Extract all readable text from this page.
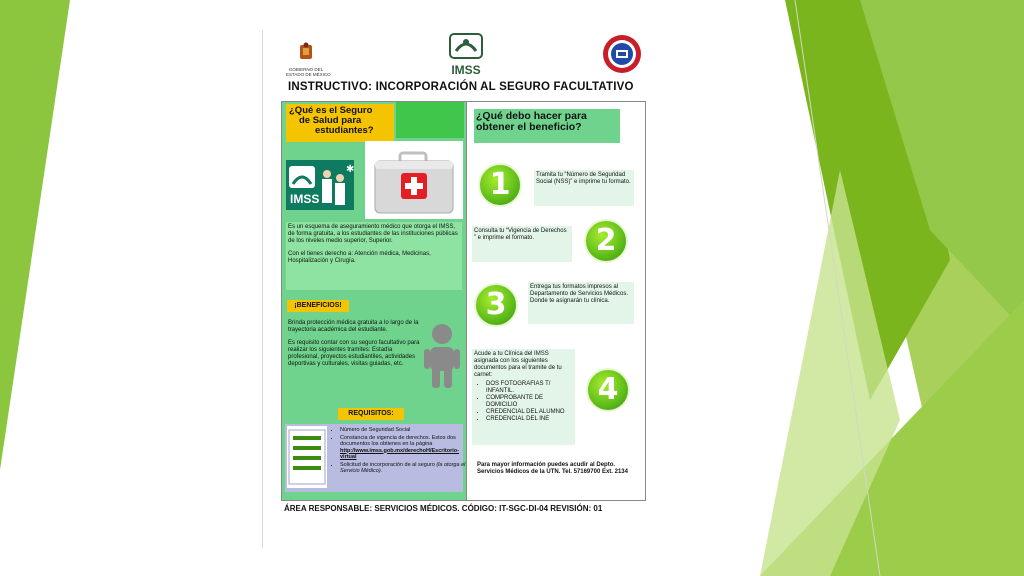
GOBIERNO DEL
ESTADO DE MÉXICO	IMSS
INSTRUCTIVO: INCORPORACIÓN AL SEGURO FACULTATIVO
¿Qué es el Seguro
de Salud para
estudiantes?
✱
IMSS

Es un esquema de aseguramiento médico que otorga el IMSS, de forma gratuita, a los estudiantes de las instituciones públicas de los niveles medio superior, Superior.

Con el tienes derecho a: Atención médica, Medicinas, Hospitalización y Cirugía.

¡BENEFICIOS!

Brinda protección médica gratuita a lo largo de la trayectoria académica del estudiante.

Es requisito contar con su seguro facultativo para realizar los siguientes tramites: Estadía profesional, proyectos estudiantiles, actividades deportivas y culturales, visitas guiadas, etc.

REQUISITOS:
• Número de Seguridad Social
• Constancia de vigencia de derechos. Estos dos documentos los obtienes en la página http://www.imss.gob.mx/derechoH/Escritorio-virtual
• Solicitud de incorporación de al seguro (la otorga el Servicio Médico).
¿Qué debo hacer para
obtener el beneficio?
1	Tramita tu “Número de Seguridad Social (NSS)” e imprime tu formato.
Consulta tu “Vigencia de Derechos ” e imprime el formato.	2
3	Entrega tus formatos impresos al Departamento de Servicios Médicos. Donde te asignarán tu clínica.
Acude a tu Clínica del IMSS asignada con los siguientes documentos para el tramite de tu carnet:
• DOS FOTOGRAFIAS T/ INFANTIL.
• COMPROBANTE DE DOMICILIO
• CREDENCIAL DEL ALUMNO
• CREDENCIAL DEL INE
4
Para mayor información puedes acudir al Depto. Servicios Médicos de la UTN. Tel. 57169700 Ext. 2134
ÁREA RESPONSABLE: SERVICIOS MÉDICOS. CÓDIGO: IT-SGC-DI-04 REVISIÓN: 01
